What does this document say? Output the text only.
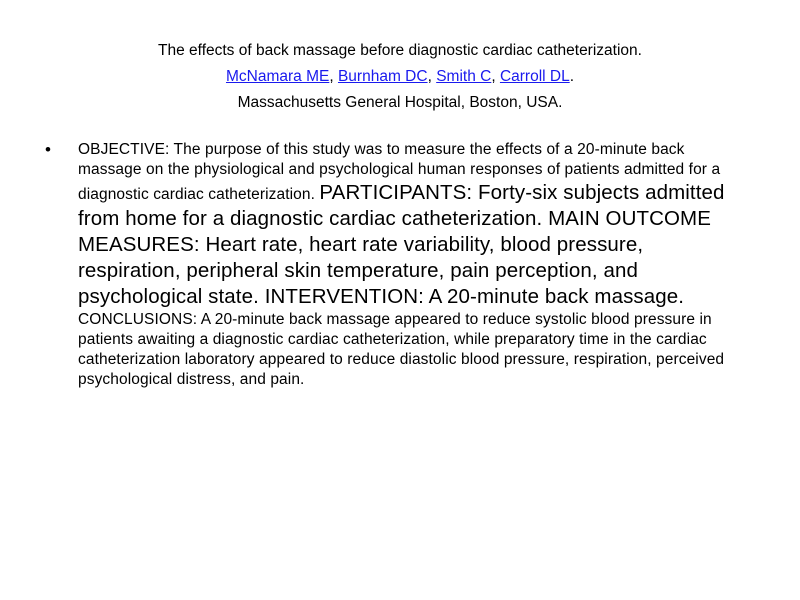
The effects of back massage before diagnostic cardiac catheterization.
McNamara ME, Burnham DC, Smith C, Carroll DL.
Massachusetts General Hospital, Boston, USA.
• OBJECTIVE: The purpose of this study was to measure the effects of a 20-minute back massage on the physiological and psychological human responses of patients admitted for a diagnostic cardiac catheterization. PARTICIPANTS: Forty-six subjects admitted from home for a diagnostic cardiac catheterization. MAIN OUTCOME MEASURES: Heart rate, heart rate variability, blood pressure, respiration, peripheral skin temperature, pain perception, and psychological state. INTERVENTION: A 20-minute back massage. CONCLUSIONS: A 20-minute back massage appeared to reduce systolic blood pressure in patients awaiting a diagnostic cardiac catheterization, while preparatory time in the cardiac catheterization laboratory appeared to reduce diastolic blood pressure, respiration, perceived psychological distress, and pain.
